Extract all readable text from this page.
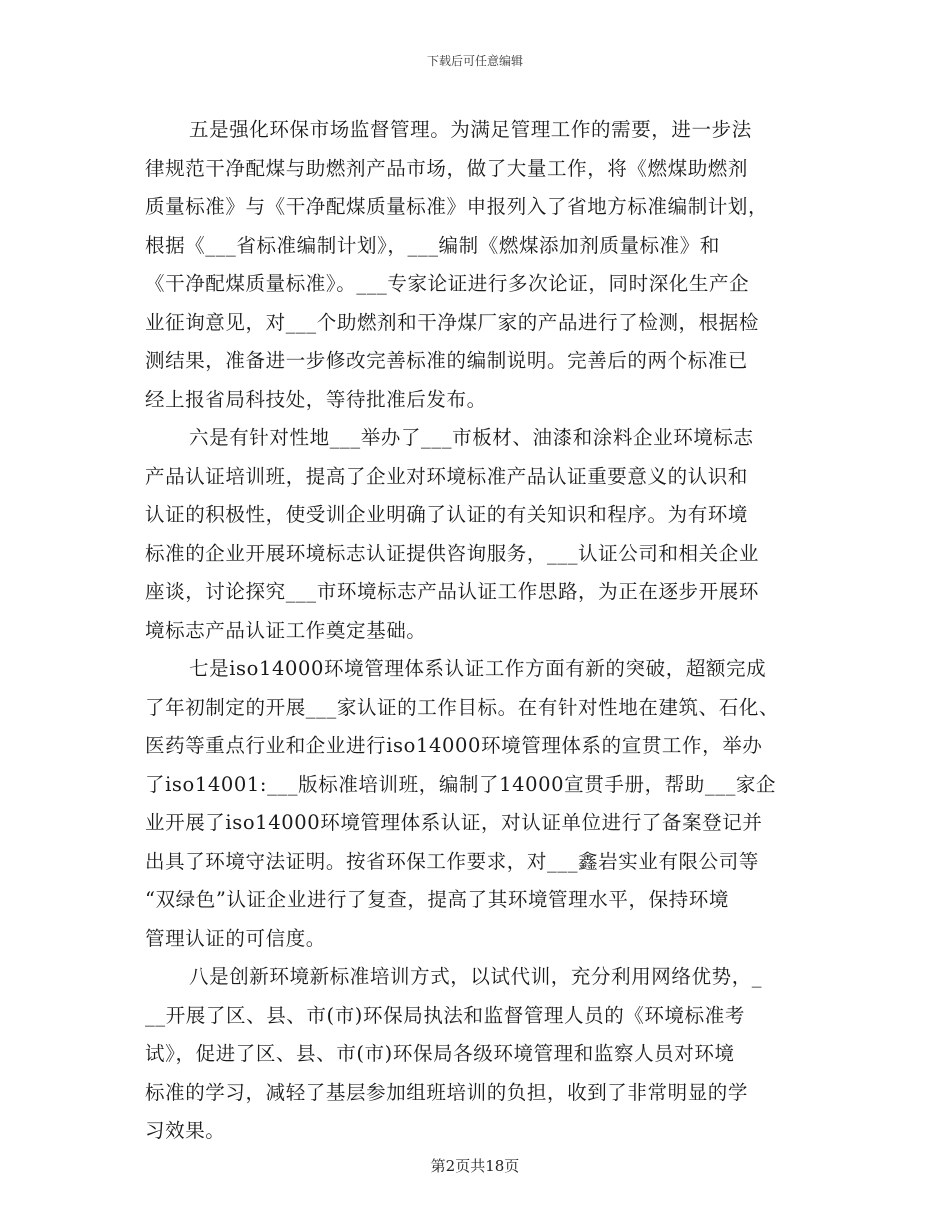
下载后可任意编辑
五是强化环保市场监督管理。为满足管理工作的需要，进一步法
律规范干净配煤与助燃剂产品市场，做了大量工作，将《燃煤助燃剂
质量标准》与《干净配煤质量标准》申报列入了省地方标准编制计划，
根据《___省标准编制计划》，___编制《燃煤添加剂质量标准》和
《干净配煤质量标准》。___专家论证进行多次论证，同时深化生产企
业征询意见，对___个助燃剂和干净煤厂家的产品进行了检测，根据检
测结果，准备进一步修改完善标准的编制说明。完善后的两个标准已
经上报省局科技处，等待批准后发布。
六是有针对性地___举办了___市板材、油漆和涂料企业环境标志
产品认证培训班，提高了企业对环境标准产品认证重要意义的认识和
认证的积极性，使受训企业明确了认证的有关知识和程序。为有环境
标准的企业开展环境标志认证提供咨询服务，___认证公司和相关企业
座谈，讨论探究___市环境标志产品认证工作思路，为正在逐步开展环
境标志产品认证工作奠定基础。
七是iso14000环境管理体系认证工作方面有新的突破，超额完成
了年初制定的开展___家认证的工作目标。在有针对性地在建筑、石化、
医药等重点行业和企业进行iso14000环境管理体系的宣贯工作，举办
了iso14001:___版标准培训班，编制了14000宣贯手册，帮助___家企
业开展了iso14000环境管理体系认证，对认证单位进行了备案登记并
出具了环境守法证明。按省环保工作要求，对___鑫岩实业有限公司等
“双绿色”认证企业进行了复查，提高了其环境管理水平，保持环境
管理认证的可信度。
八是创新环境新标准培训方式，以试代训，充分利用网络优势，_
__开展了区、县、市(市)环保局执法和监督管理人员的《环境标准考
试》，促进了区、县、市(市)环保局各级环境管理和监察人员对环境
标准的学习，减轻了基层参加组班培训的负担，收到了非常明显的学
习效果。
第2页共18页
